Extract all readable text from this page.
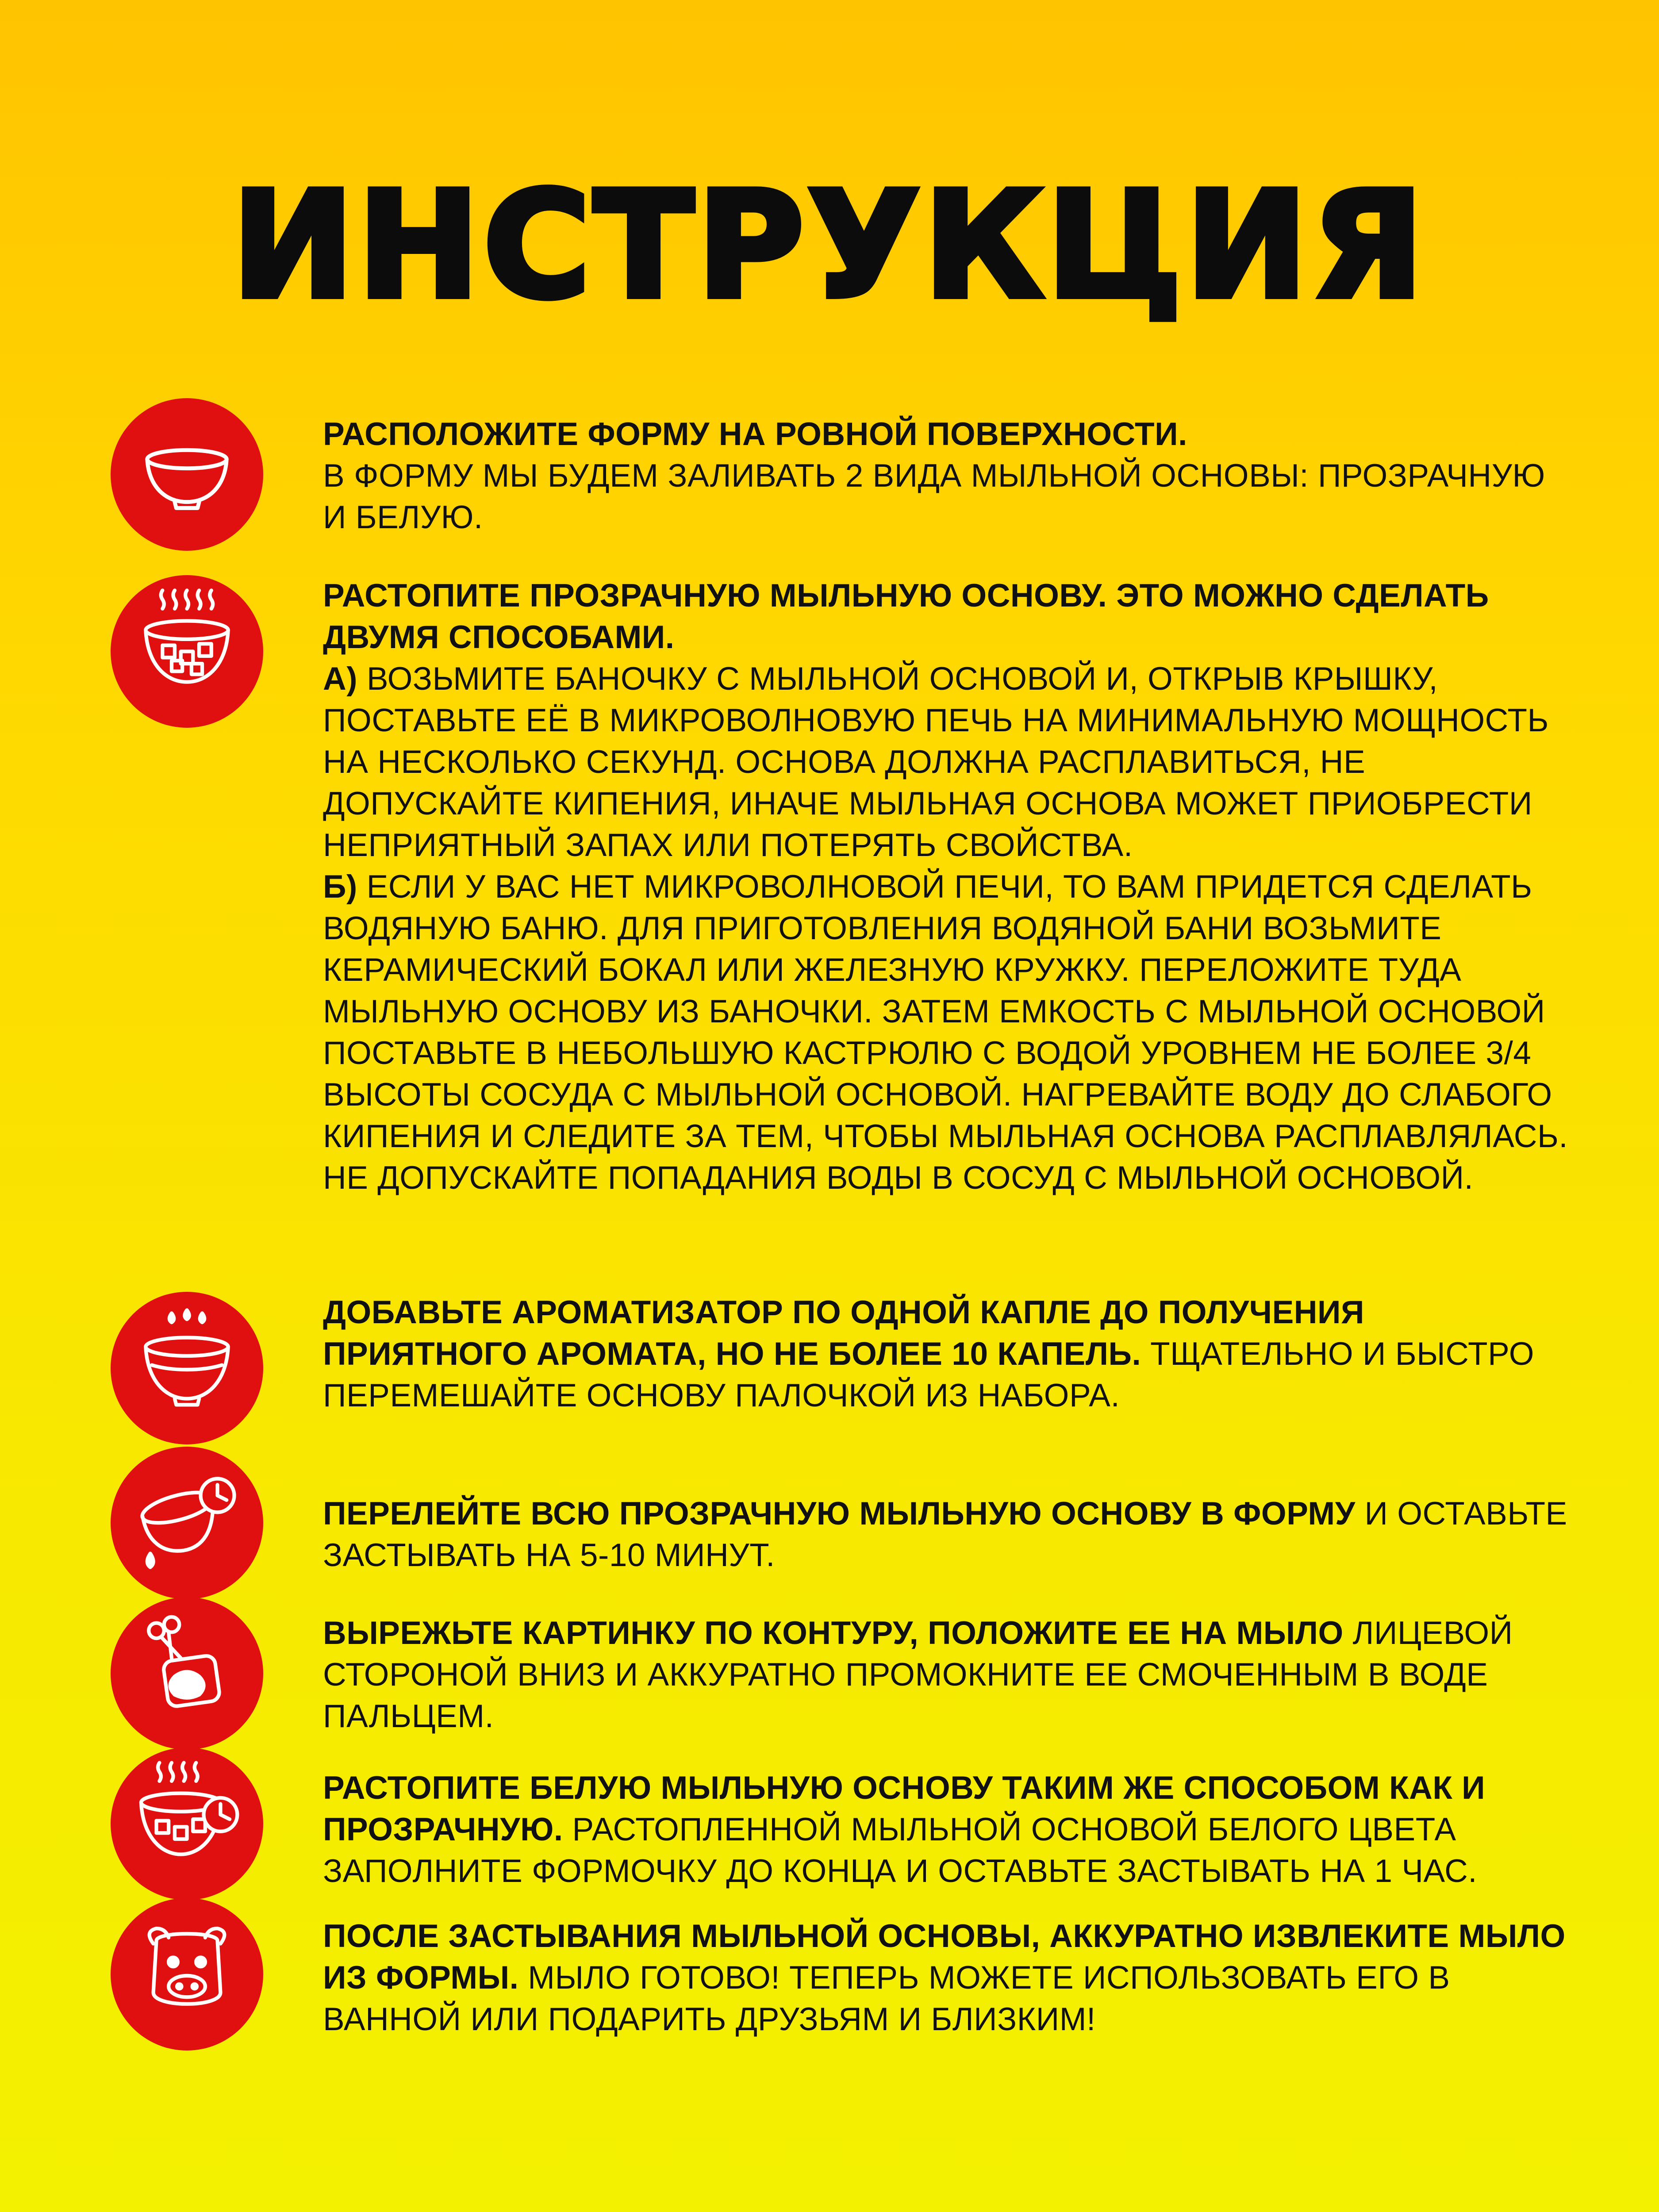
ИНСТРУКЦИЯ
РАСПОЛОЖИТЕ ФОРМУ НА РОВНОЙ ПОВЕРХНОСТИ.
В ФОРМУ МЫ БУДЕМ ЗАЛИВАТЬ 2 ВИДА МЫЛЬНОЙ ОСНОВЫ: ПРОЗРАЧНУЮ И БЕЛУЮ.
РАСТОПИТЕ ПРОЗРАЧНУЮ МЫЛЬНУЮ ОСНОВУ. ЭТО МОЖНО СДЕЛАТЬ ДВУМЯ СПОСОБАМИ.
А) ВОЗЬМИТЕ БАНОЧКУ С МЫЛЬНОЙ ОСНОВОЙ И, ОТКРЫВ КРЫШКУ, ПОСТАВЬТЕ ЕЁ В МИКРОВОЛНОВУЮ ПЕЧЬ НА МИНИМАЛЬНУЮ МОЩНОСТЬ НА НЕСКОЛЬКО СЕКУНД. ОСНОВА ДОЛЖНА РАСПЛАВИТЬСЯ, НЕ ДОПУСКАЙТЕ КИПЕНИЯ, ИНАЧЕ МЫЛЬНАЯ ОСНОВА МОЖЕТ ПРИОБРЕСТИ НЕПРИЯТНЫЙ ЗАПАХ ИЛИ ПОТЕРЯТЬ СВОЙСТВА.
Б) ЕСЛИ У ВАС НЕТ МИКРОВОЛНОВОЙ ПЕЧИ, ТО ВАМ ПРИДЕТСЯ СДЕЛАТЬ ВОДЯНУЮ БАНЮ. ДЛЯ ПРИГОТОВЛЕНИЯ ВОДЯНОЙ БАНИ ВОЗЬМИТЕ КЕРАМИЧЕСКИЙ БОКАЛ ИЛИ ЖЕЛЕЗНУЮ КРУЖКУ. ПЕРЕЛОЖИТЕ ТУДА МЫЛЬНУЮ ОСНОВУ ИЗ БАНОЧКИ. ЗАТЕМ ЕМКОСТЬ С МЫЛЬНОЙ ОСНОВОЙ ПОСТАВЬТЕ В НЕБОЛЬШУЮ КАСТРЮЛЮ С ВОДОЙ УРОВНЕМ НЕ БОЛЕЕ 3/4 ВЫСОТЫ СОСУДА С МЫЛЬНОЙ ОСНОВОЙ. НАГРЕВАЙТЕ ВОДУ ДО СЛАБОГО КИПЕНИЯ И СЛЕДИТЕ ЗА ТЕМ, ЧТОБЫ МЫЛЬНАЯ ОСНОВА РАСПЛАВЛЯЛАСЬ. НЕ ДОПУСКАЙТЕ ПОПАДАНИЯ ВОДЫ В СОСУД С МЫЛЬНОЙ ОСНОВОЙ.
ДОБАВЬТЕ АРОМАТИЗАТОР ПО ОДНОЙ КАПЛЕ ДО ПОЛУЧЕНИЯ ПРИЯТНОГО АРОМАТА, НО НЕ БОЛЕЕ 10 КАПЕЛЬ. ТЩАТЕЛЬНО И БЫСТРО ПЕРЕМЕШАЙТЕ ОСНОВУ ПАЛОЧКОЙ ИЗ НАБОРА.
ПЕРЕЛЕЙТЕ ВСЮ ПРОЗРАЧНУЮ МЫЛЬНУЮ ОСНОВУ В ФОРМУ И ОСТАВЬТЕ ЗАСТЫВАТЬ НА 5-10 МИНУТ.
ВЫРЕЖЬТЕ КАРТИНКУ ПО КОНТУРУ, ПОЛОЖИТЕ ЕЕ НА МЫЛО ЛИЦЕВОЙ СТОРОНОЙ ВНИЗ И АККУРАТНО ПРОМОКНИТЕ ЕЕ СМОЧЕННЫМ В ВОДЕ ПАЛЬЦЕМ.
РАСТОПИТЕ БЕЛУЮ МЫЛЬНУЮ ОСНОВУ ТАКИМ ЖЕ СПОСОБОМ КАК И ПРОЗРАЧНУЮ. РАСТОПЛЕННОЙ МЫЛЬНОЙ ОСНОВОЙ БЕЛОГО ЦВЕТА ЗАПОЛНИТЕ ФОРМОЧКУ ДО КОНЦА И ОСТАВЬТЕ ЗАСТЫВАТЬ НА 1 ЧАС.
ПОСЛЕ ЗАСТЫВАНИЯ МЫЛЬНОЙ ОСНОВЫ, АККУРАТНО ИЗВЛЕКИТЕ МЫЛО ИЗ ФОРМЫ. МЫЛО ГОТОВО! ТЕПЕРЬ МОЖЕТЕ ИСПОЛЬЗОВАТЬ ЕГО В ВАННОЙ ИЛИ ПОДАРИТЬ ДРУЗЬЯМ И БЛИЗКИМ!
